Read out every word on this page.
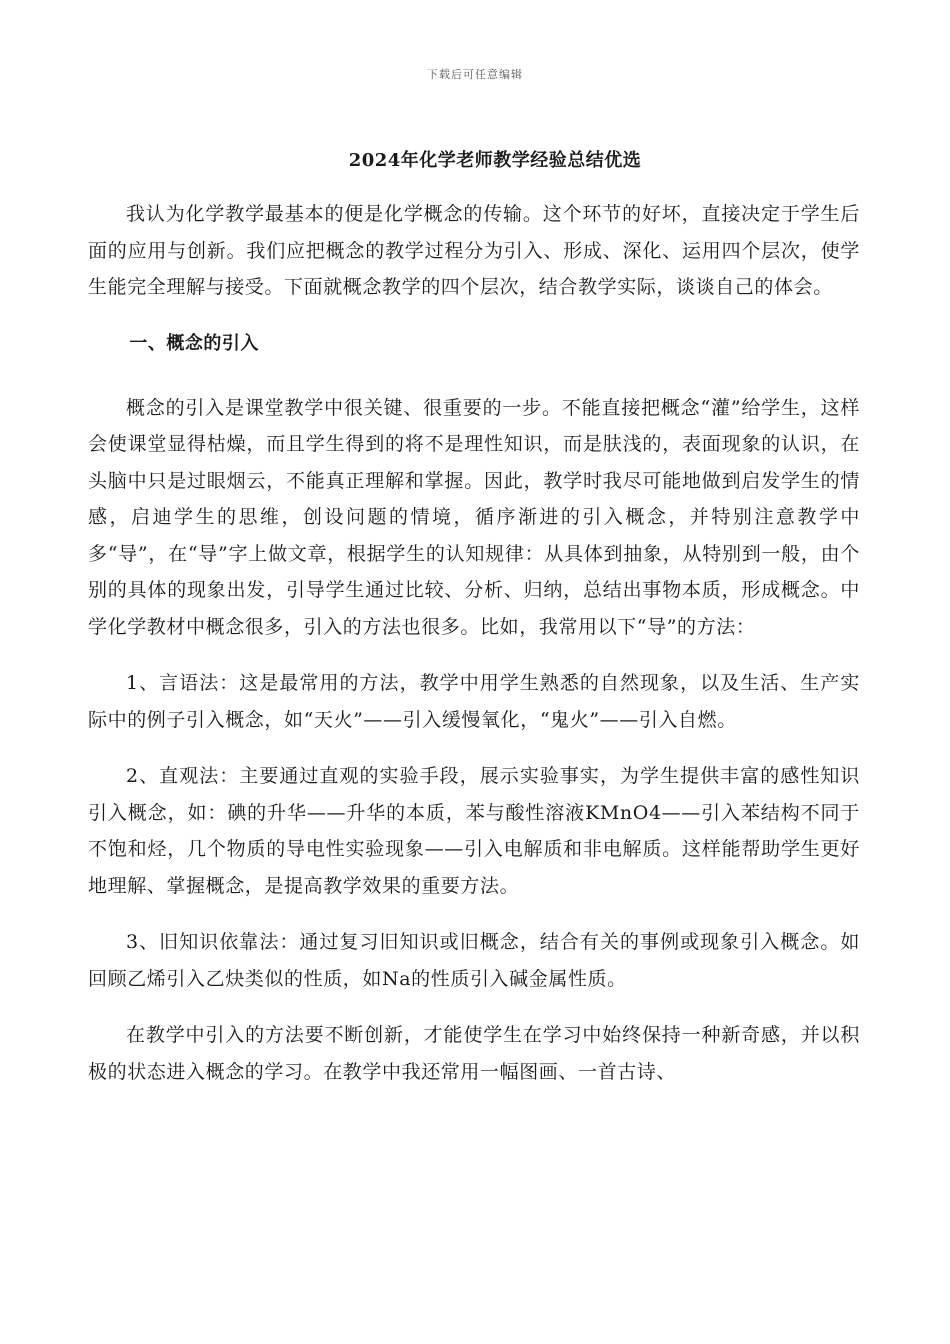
下载后可任意编辑
2024年化学老师教学经验总结优选

我认为化学教学最基本的便是化学概念的传输。这个环节的好坏，直接决定于学生后面的应用与创新。我们应把概念的教学过程分为引入、形成、深化、运用四个层次，使学生能完全理解与接受。下面就概念教学的四个层次，结合教学实际，谈谈自己的体会。

一、概念的引入

概念的引入是课堂教学中很关键、很重要的一步。不能直接把概念“灌”给学生，这样会使课堂显得枯燥，而且学生得到的将不是理性知识，而是肤浅的，表面现象的认识，在头脑中只是过眼烟云，不能真正理解和掌握。因此，教学时我尽可能地做到启发学生的情感，启迪学生的思维，创设问题的情境，循序渐进的引入概念，并特别注意教学中多“导”，在“导”字上做文章，根据学生的认知规律：从具体到抽象，从特别到一般，由个别的具体的现象出发，引导学生通过比较、分析、归纳，总结出事物本质，形成概念。中学化学教材中概念很多，引入的方法也很多。比如，我常用以下“导”的方法：

1、言语法：这是最常用的方法，教学中用学生熟悉的自然现象，以及生活、生产实际中的例子引入概念，如“天火”——引入缓慢氧化，“鬼火”——引入自燃。

2、直观法：主要通过直观的实验手段，展示实验事实，为学生提供丰富的感性知识引入概念，如：碘的升华——升华的本质，苯与酸性溶液KMnO4——引入苯结构不同于不饱和烃，几个物质的导电性实验现象——引入电解质和非电解质。这样能帮助学生更好地理解、掌握概念，是提高教学效果的重要方法。

3、旧知识依靠法：通过复习旧知识或旧概念，结合有关的事例或现象引入概念。如回顾乙烯引入乙炔类似的性质，如Na的性质引入碱金属性质。

在教学中引入的方法要不断创新，才能使学生在学习中始终保持一种新奇感，并以积极的状态进入概念的学习。在教学中我还常用一幅图画、一首古诗、
